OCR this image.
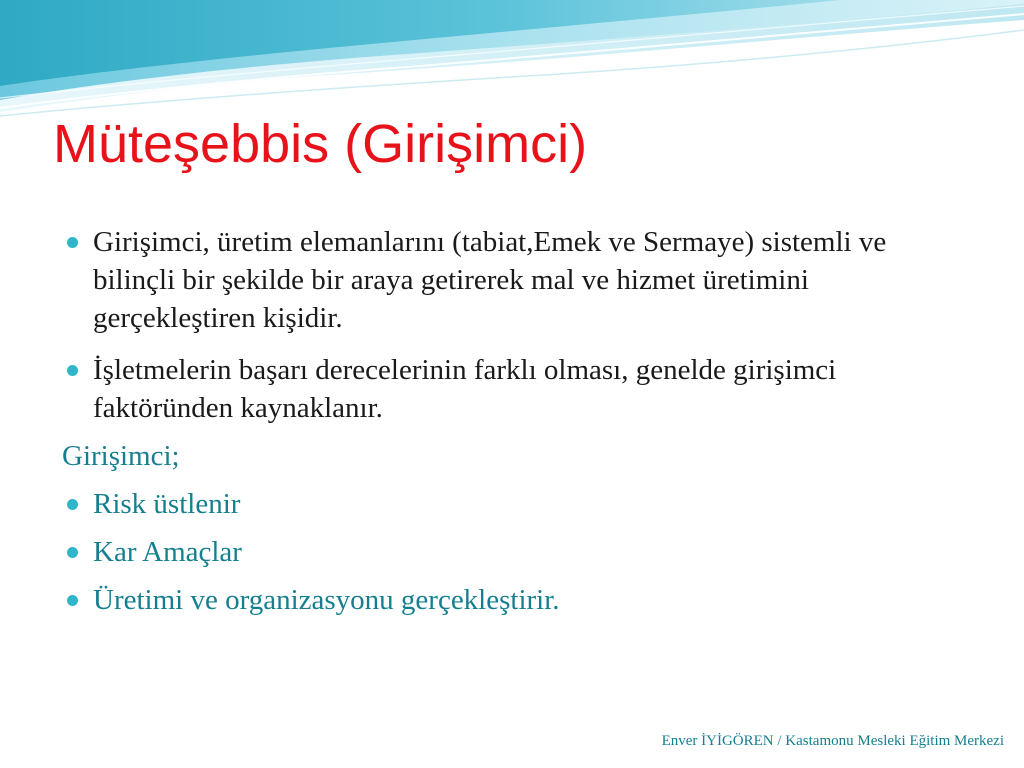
Müteşebbis (Girişimci)
Girişimci, üretim elemanlarını (tabiat,Emek ve Sermaye) sistemli ve bilinçli bir şekilde bir araya getirerek mal ve hizmet üretimini gerçekleştiren kişidir.
İşletmelerin başarı derecelerinin farklı olması, genelde girişimci faktöründen kaynaklanır.
Girişimci;
Risk üstlenir
Kar Amaçlar
Üretimi ve organizasyonu gerçekleştirir.
Enver İYİGÖREN / Kastamonu Mesleki Eğitim Merkezi
